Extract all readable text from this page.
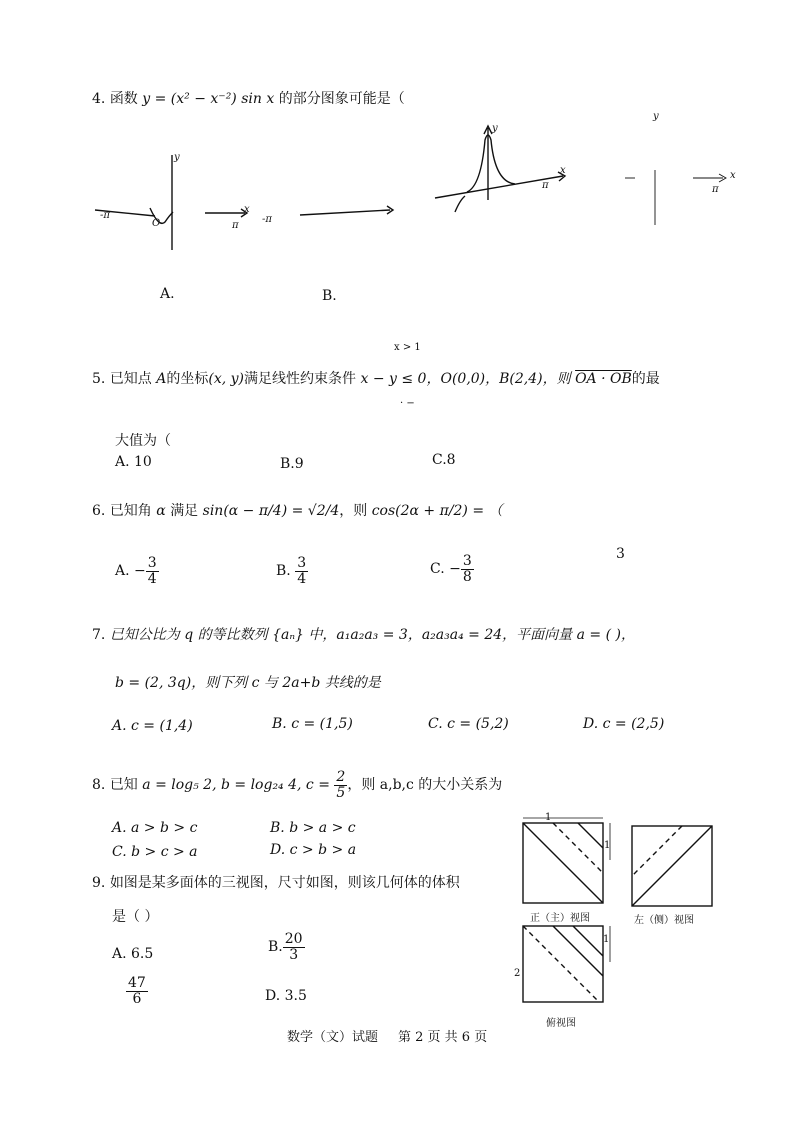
4. 函数 y = (x² − x⁻²) sin x 的部分图象可能是（
y
x
-π
O	π
-π
y
x
π
y
x
π
A.	B.
x > 1
5. 已知点 A的坐标(x, y)满足线性约束条件 x − y ≤ 0，O(0,0)，B(2,4)，则 OA · OB的最
· −
大值为（
A. 10	B.9	C.8
6. 已知角 α 满足 sin(α − π/4) = √2/4，则 cos(2α + π/2) = （
A. − $\frac{3}{4}$	B. $\frac{3}{4}$	C. − $\frac{3}{8}$	3
7. 已知公比为 q 的等比数列 {aₙ} 中，a₁a₂a₃ = 3，a₂a₃a₄ = 24，平面向量 a = ( )，
b = (2, 3q)，则下列 c 与 2a+b 共线的是
A. c = (1,4)	B. c = (1,5)	C. c = (5,2)	D. c = (2,5)
8. 已知 a = log₅ 2, b = log₂₄ 4, $c = \frac{2}{5}$ ，则 a,b,c 的大小关系为
A. a > b > c	B. b > a > c
C. b > c > a	D. c > b > a
9. 如图是某多面体的三视图，尺寸如图，则该几何体的体积
是（ ）
A. 6.5	B. $\frac{20}{3}$
$\frac{47}{6}$	D. 3.5
1
1
正（主）视图	左（侧）视图
1
2
俯视图
数学（文）试题 第 2 页 共 6 页
